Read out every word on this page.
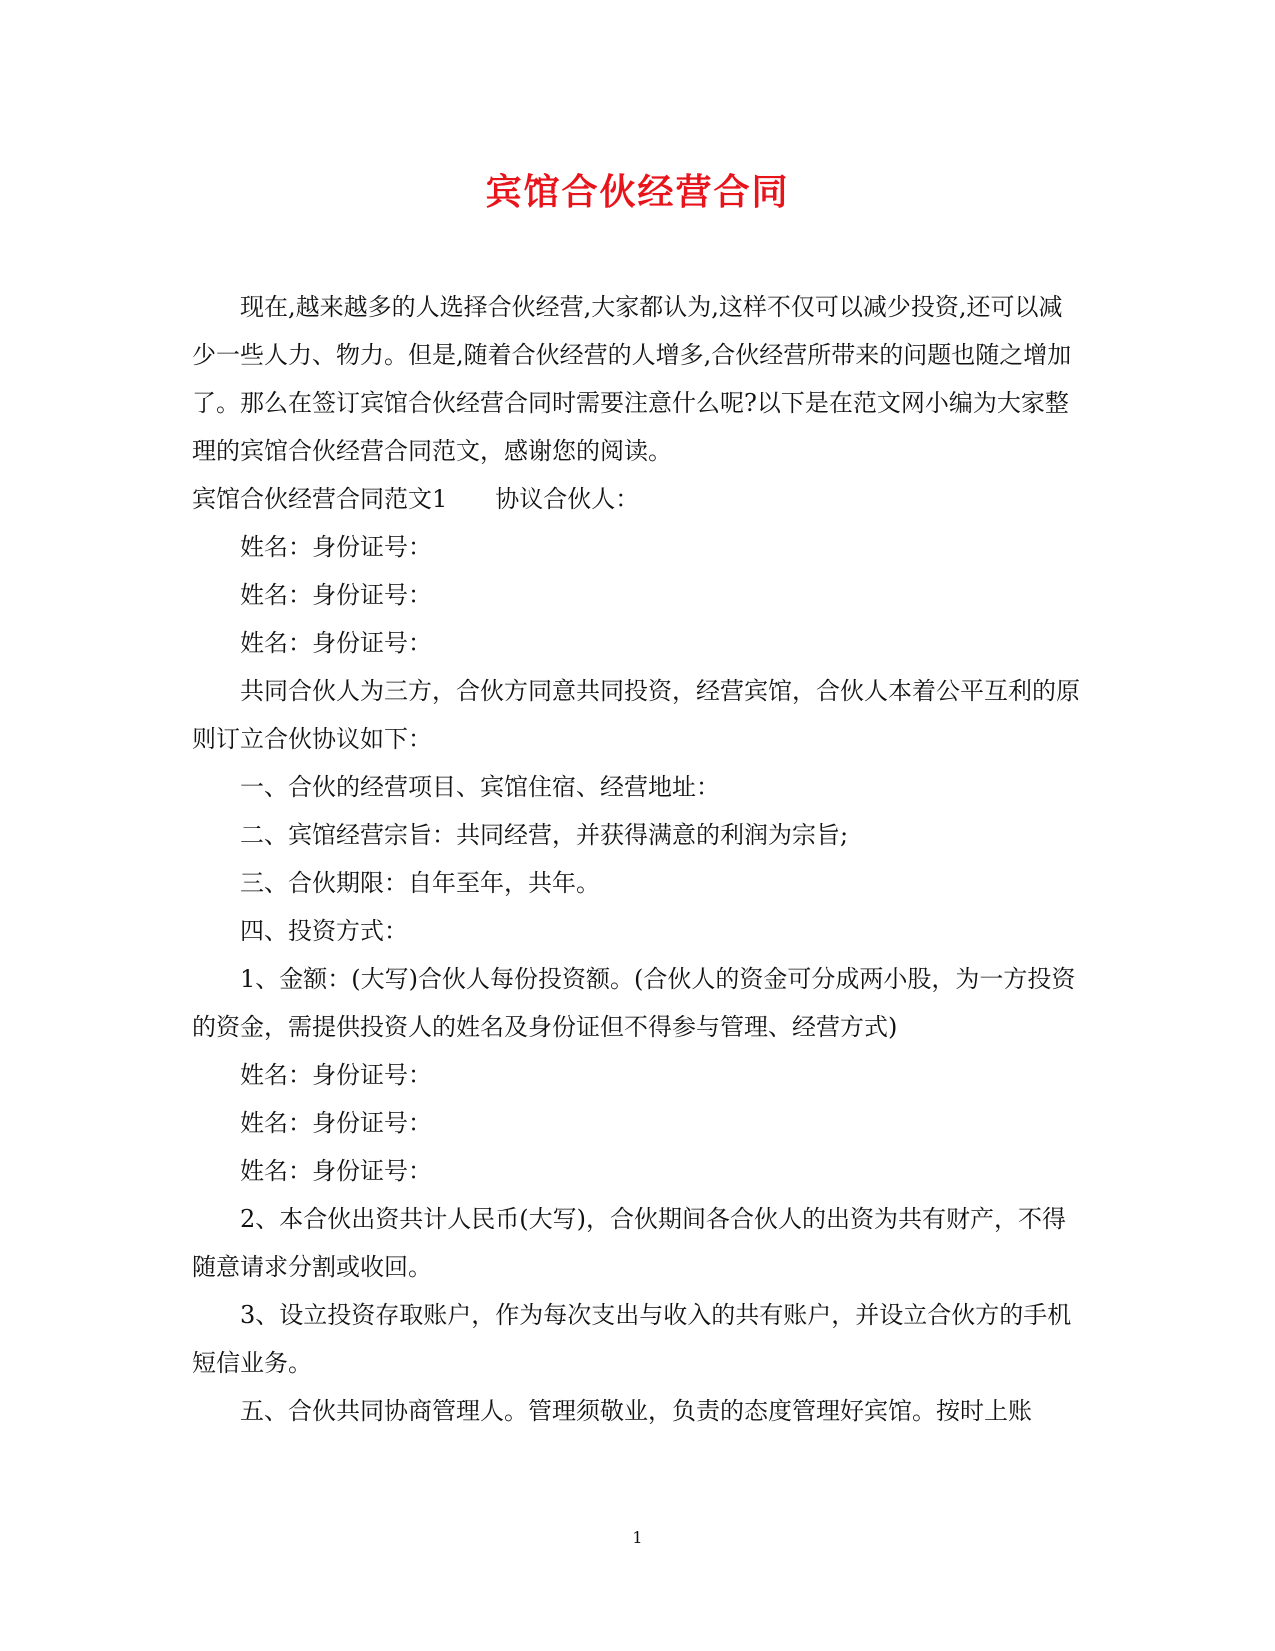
宾馆合伙经营合同

现在,越来越多的人选择合伙经营,大家都认为,这样不仅可以减少投资,还可以减少一些人力、物力。但是,随着合伙经营的人增多,合伙经营所带来的问题也随之增加了。那么在签订宾馆合伙经营合同时需要注意什么呢?以下是在范文网小编为大家整理的宾馆合伙经营合同范文，感谢您的阅读。

宾馆合伙经营合同范文1 协议合伙人：

姓名：身份证号：

姓名：身份证号：

姓名：身份证号：

共同合伙人为三方，合伙方同意共同投资，经营宾馆，合伙人本着公平互利的原则订立合伙协议如下：

一、合伙的经营项目、宾馆住宿、经营地址：

二、宾馆经营宗旨：共同经营，并获得满意的利润为宗旨;

三、合伙期限：自年至年，共年。

四、投资方式：

1、金额：(大写)合伙人每份投资额。(合伙人的资金可分成两小股，为一方投资的资金，需提供投资人的姓名及身份证但不得参与管理、经营方式)

姓名：身份证号：

姓名：身份证号：

姓名：身份证号：

2、本合伙出资共计人民币(大写)，合伙期间各合伙人的出资为共有财产，不得随意请求分割或收回。

3、设立投资存取账户，作为每次支出与收入的共有账户，并设立合伙方的手机短信业务。

五、合伙共同协商管理人。管理须敬业，负责的态度管理好宾馆。按时上账

1
